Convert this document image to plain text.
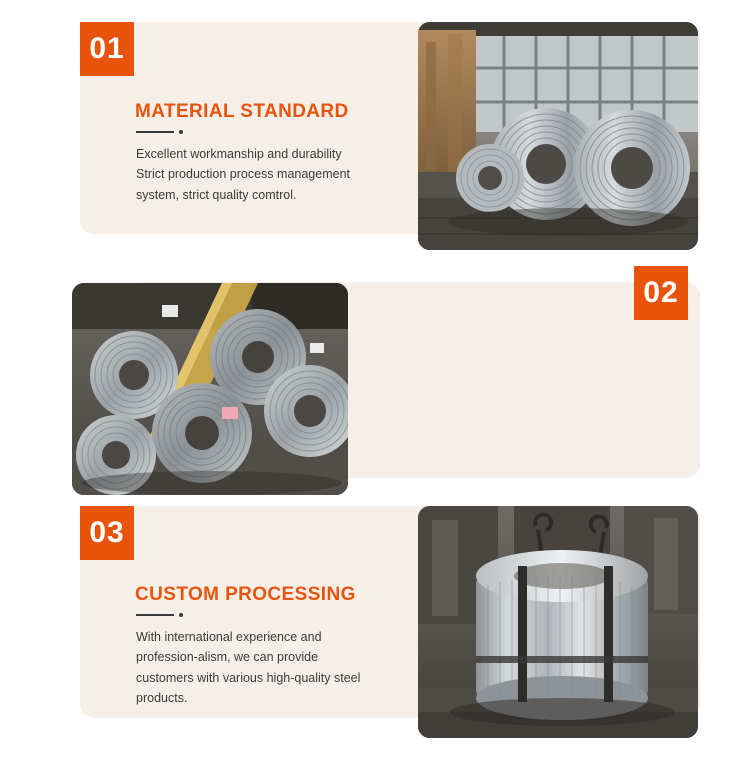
01
MATERIAL STANDARD
Excellent workmanship and durability Strict production process management system, strict quality comtrol.
02
03
CUSTOM PROCESSING
With international experience and profession-alism, we can provide customers with various high-quality steel products.
